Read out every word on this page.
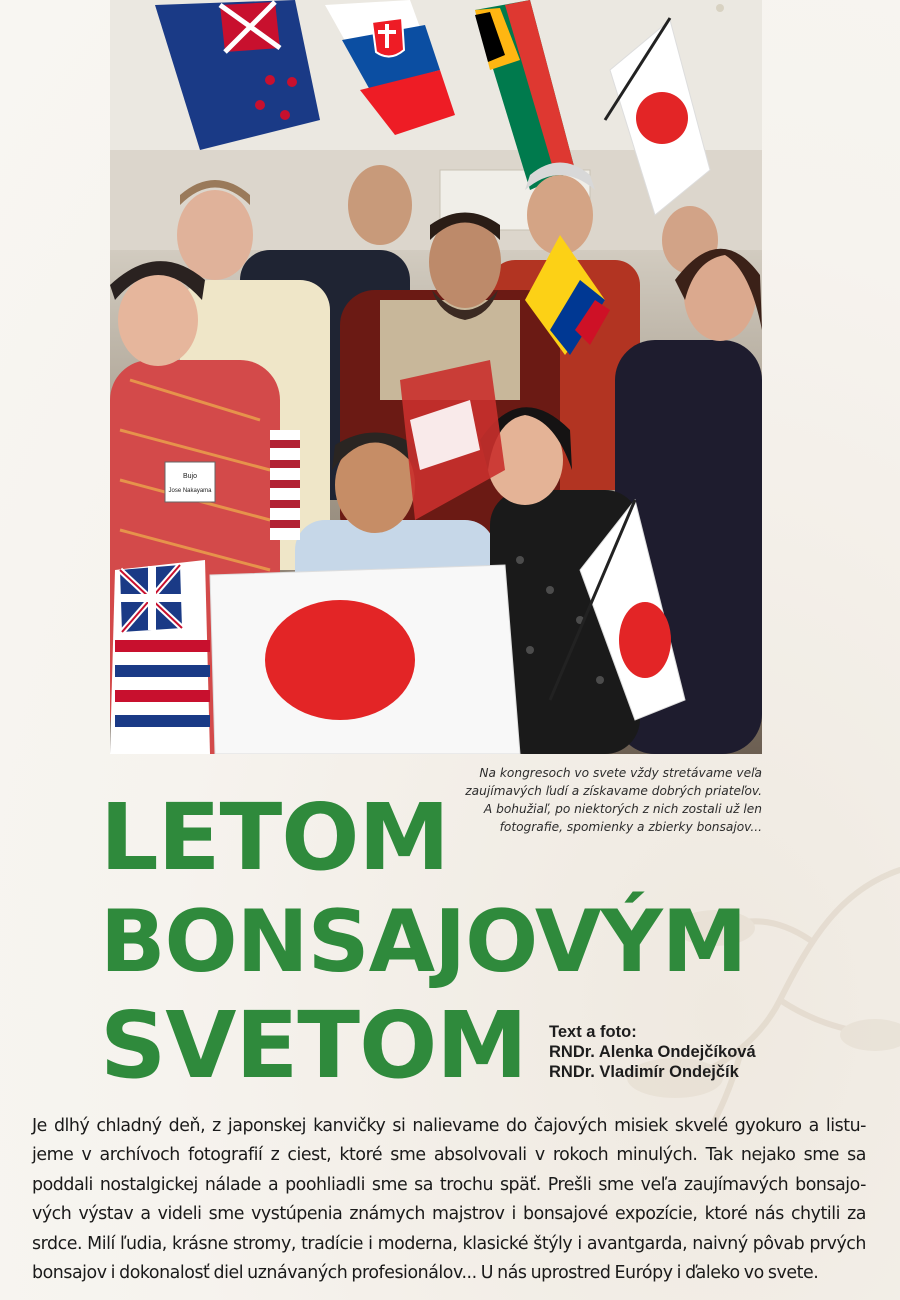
Bujo
Jose Nakayama
Na kongresoch vo svete vždy stretávame veľa
zaujímavých ľudí a získavame dobrých priateľov.
A bohužiaľ, po niektorých z nich zostali už len
fotografie, spomienky a zbierky bonsajov...
LETOM
BONSAJOVÝM
SVETOM	Text a foto:
RNDr. Alenka Ondejčíková
RNDr. Vladimír Ondejčík
Je dlhý chladný deň, z japonskej kanvičky si nalievame do čajových misiek skvelé gyokuro a listu-
jeme v archívoch fotografií z ciest, ktoré sme absolvovali v rokoch minulých. Tak nejako sme sa
poddali nostalgickej nálade a poohliadli sme sa trochu späť. Prešli sme veľa zaujímavých bonsajo-
vých výstav a videli sme vystúpenia známych majstrov i bonsajové expozície, ktoré nás chytili za
srdce. Milí ľudia, krásne stromy, tradície i moderna, klasické štýly i avantgarda, naivný pôvab prvých
bonsajov i dokonalosť diel uznávaných profesionálov... U nás uprostred Európy i ďaleko vo svete.
